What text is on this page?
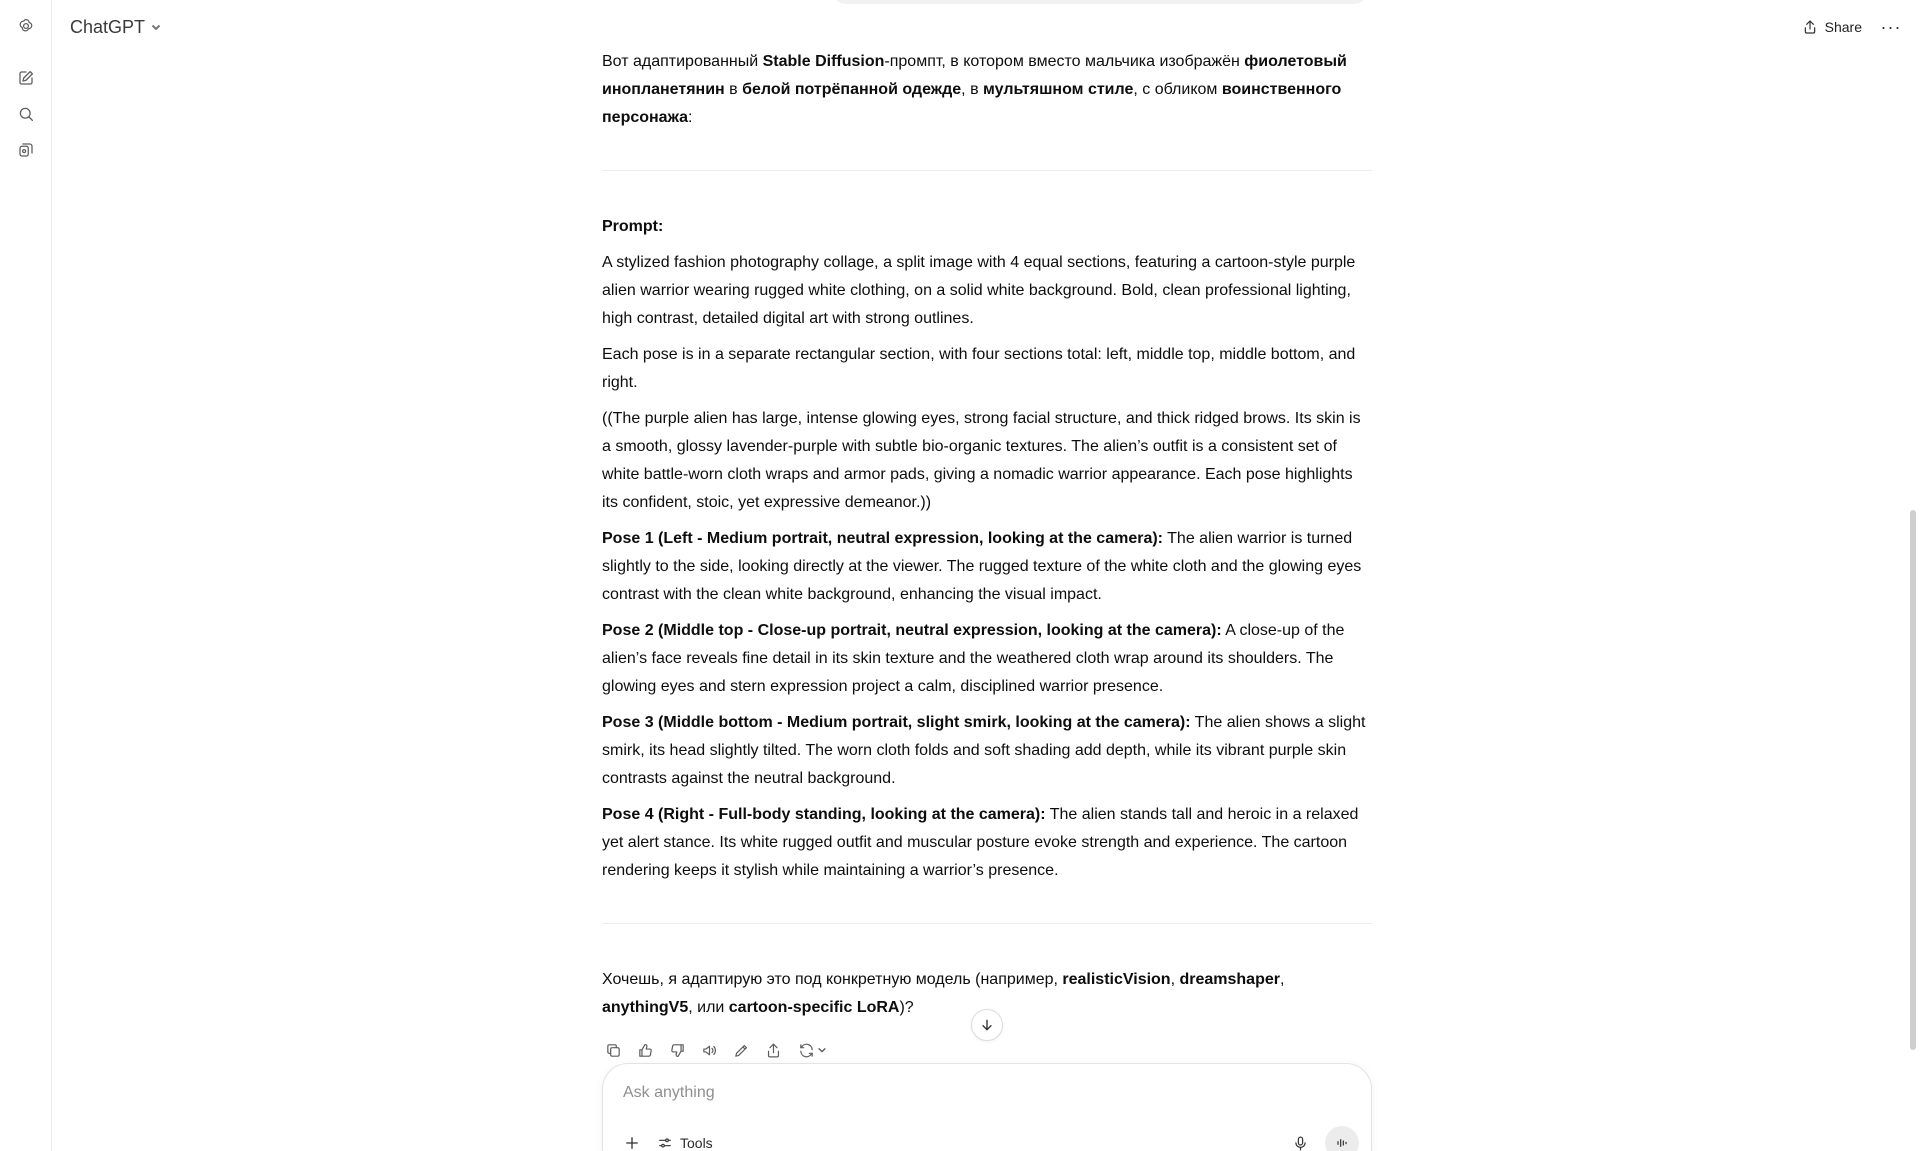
ChatGPT	Share ···

Вот адаптированный Stable Diffusion-промпт, в котором вместо мальчика изображён фиолетовый инопланетянин в белой потрёпанной одежде, в мультяшном стиле, с обликом воинственного персонажа:

Prompt:

A stylized fashion photography collage, a split image with 4 equal sections, featuring a cartoon-style purple alien warrior wearing rugged white clothing, on a solid white background. Bold, clean professional lighting, high contrast, detailed digital art with strong outlines.

Each pose is in a separate rectangular section, with four sections total: left, middle top, middle bottom, and right.

((The purple alien has large, intense glowing eyes, strong facial structure, and thick ridged brows. Its skin is a smooth, glossy lavender-purple with subtle bio-organic textures. The alien’s outfit is a consistent set of white battle-worn cloth wraps and armor pads, giving a nomadic warrior appearance. Each pose highlights its confident, stoic, yet expressive demeanor.))

Pose 1 (Left - Medium portrait, neutral expression, looking at the camera): The alien warrior is turned slightly to the side, looking directly at the viewer. The rugged texture of the white cloth and the glowing eyes contrast with the clean white background, enhancing the visual impact.

Pose 2 (Middle top - Close-up portrait, neutral expression, looking at the camera): A close-up of the alien’s face reveals fine detail in its skin texture and the weathered cloth wrap around its shoulders. The glowing eyes and stern expression project a calm, disciplined warrior presence.

Pose 3 (Middle bottom - Medium portrait, slight smirk, looking at the camera): The alien shows a slight smirk, its head slightly tilted. The worn cloth folds and soft shading add depth, while its vibrant purple skin contrasts against the neutral background.

Pose 4 (Right - Full-body standing, looking at the camera): The alien stands tall and heroic in a relaxed yet alert stance. Its white rugged outfit and muscular posture evoke strength and experience. The cartoon rendering keeps it stylish while maintaining a warrior’s presence.

Хочешь, я адаптирую это под конкретную модель (например, realisticVision, dreamshaper, anythingV5, или cartoon-specific LoRA)?

Ask anything
Tools
